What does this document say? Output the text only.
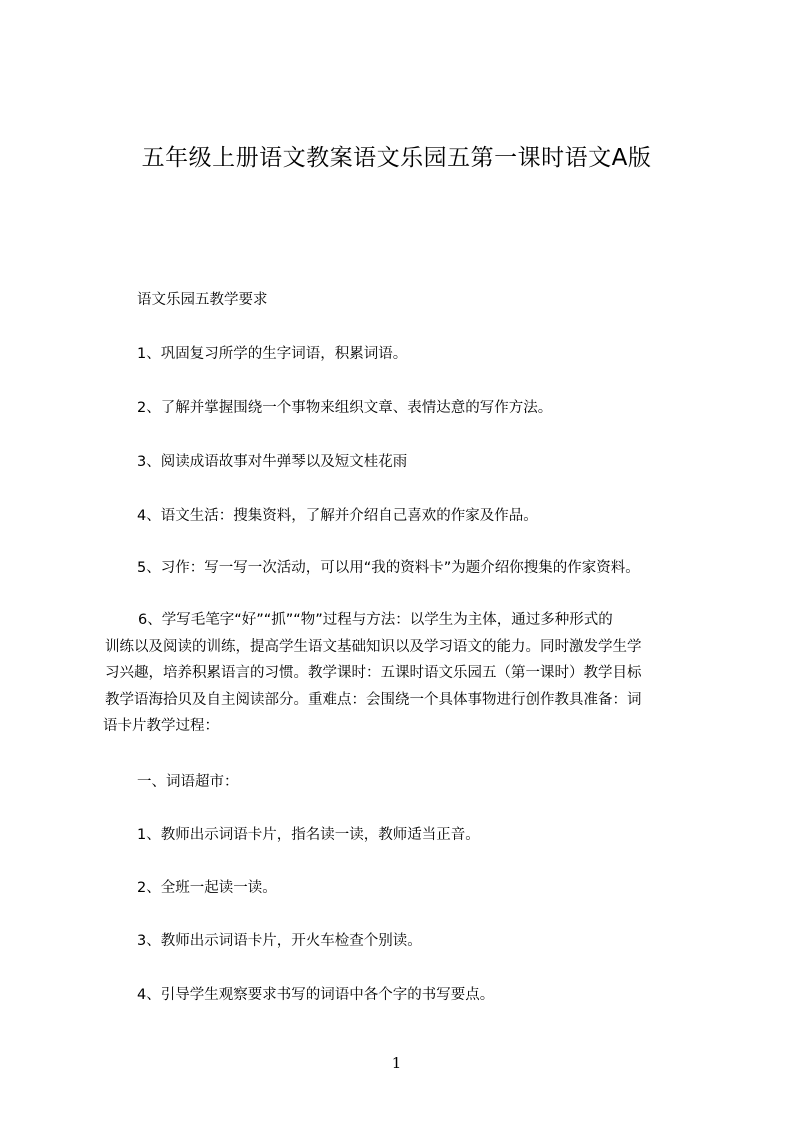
五年级上册语文教案语文乐园五第一课时语文A版
语文乐园五教学要求
1、巩固复习所学的生字词语，积累词语。
2、了解并掌握围绕一个事物来组织文章、表情达意的写作方法。
3、阅读成语故事对牛弹琴以及短文桂花雨
4、语文生活：搜集资料，了解并介绍自己喜欢的作家及作品。
5、习作：写一写一次活动，可以用“我的资料卡”为题介绍你搜集的作家资料。
6、学写毛笔字“好”“抓”“物”过程与方法：以学生为主体，通过多种形式的
训练以及阅读的训练，提高学生语文基础知识以及学习语文的能力。同时激发学生学
习兴趣，培养积累语言的习惯。教学课时：五课时语文乐园五（第一课时）教学目标
教学语海拾贝及自主阅读部分。重难点：会围绕一个具体事物进行创作教具准备：词
语卡片教学过程：
一、词语超市：
1、教师出示词语卡片，指名读一读，教师适当正音。
2、全班一起读一读。
3、教师出示词语卡片，开火车检查个别读。
4、引导学生观察要求书写的词语中各个字的书写要点。
1
